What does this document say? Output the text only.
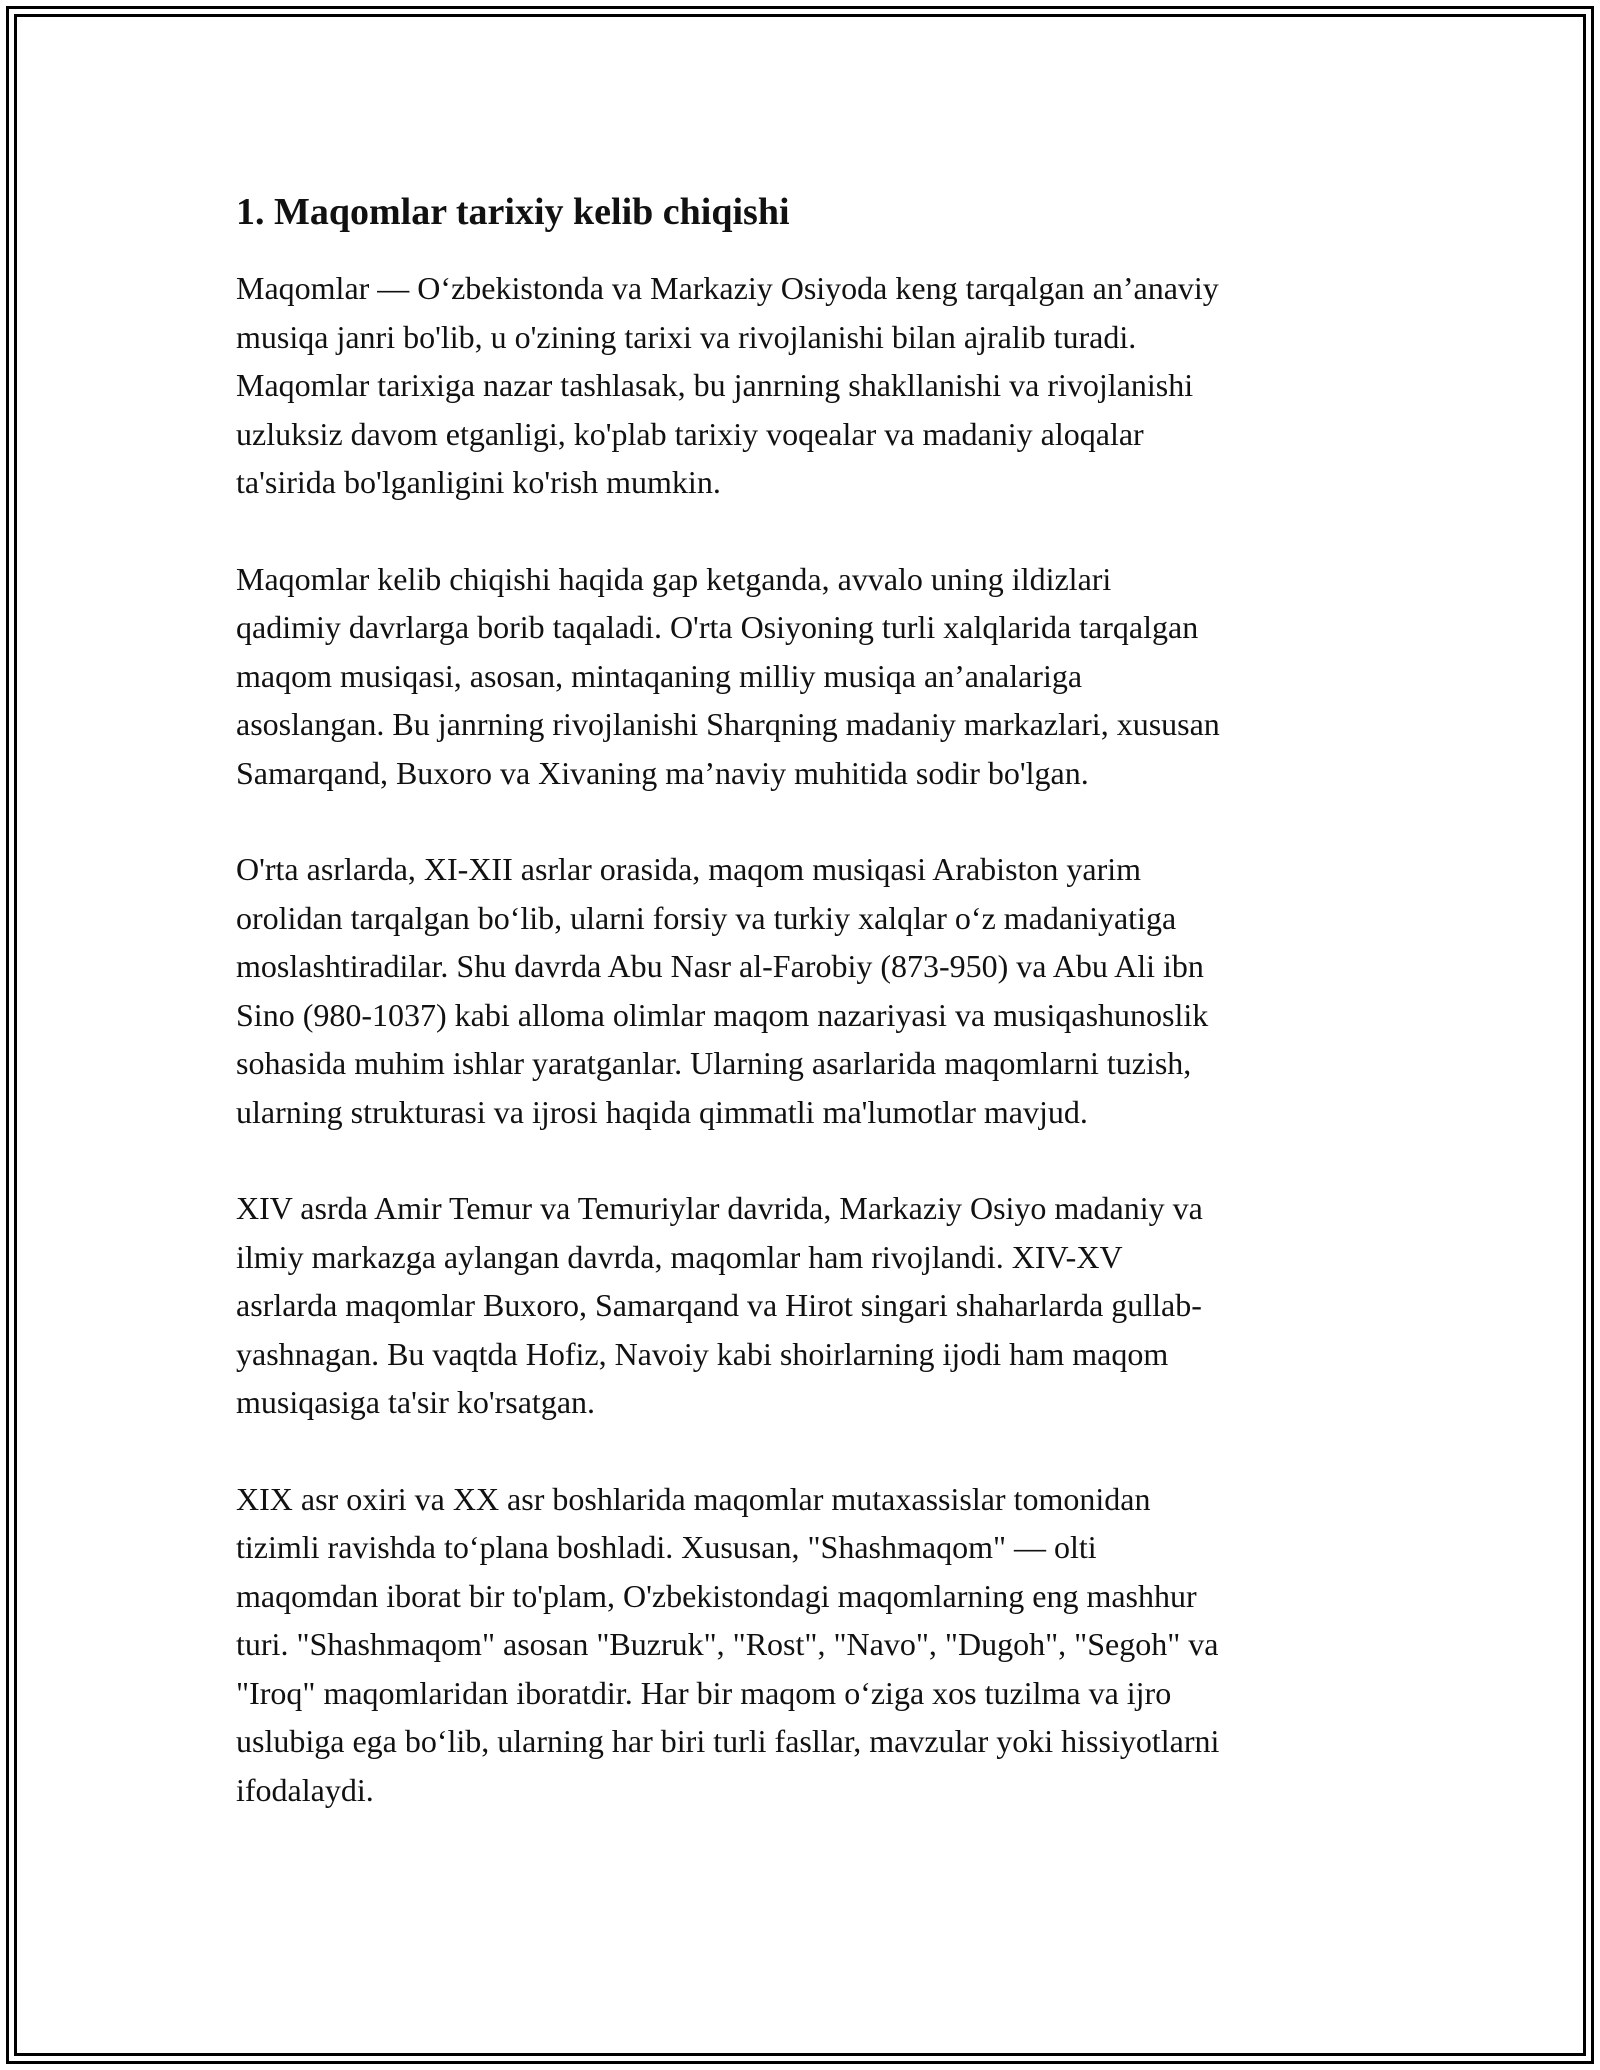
1. Maqomlar tarixiy kelib chiqishi
Maqomlar — O‘zbekistonda va Markaziy Osiyoda keng tarqalgan an’anaviy
musiqa janri bo'lib, u o'zining tarixi va rivojlanishi bilan ajralib turadi.
Maqomlar tarixiga nazar tashlasak, bu janrning shakllanishi va rivojlanishi
uzluksiz davom etganligi, ko'plab tarixiy voqealar va madaniy aloqalar
ta'sirida bo'lganligini ko'rish mumkin.
Maqomlar kelib chiqishi haqida gap ketganda, avvalo uning ildizlari
qadimiy davrlarga borib taqaladi. O'rta Osiyoning turli xalqlarida tarqalgan
maqom musiqasi, asosan, mintaqaning milliy musiqa an’analariga
asoslangan. Bu janrning rivojlanishi Sharqning madaniy markazlari, xususan
Samarqand, Buxoro va Xivaning ma’naviy muhitida sodir bo'lgan.
O'rta asrlarda, XI-XII asrlar orasida, maqom musiqasi Arabiston yarim
orolidan tarqalgan bo‘lib, ularni forsiy va turkiy xalqlar o‘z madaniyatiga
moslashtiradilar. Shu davrda Abu Nasr al-Farobiy (873-950) va Abu Ali ibn
Sino (980-1037) kabi alloma olimlar maqom nazariyasi va musiqashunoslik
sohasida muhim ishlar yaratganlar. Ularning asarlarida maqomlarni tuzish,
ularning strukturasi va ijrosi haqida qimmatli ma'lumotlar mavjud.
XIV asrda Amir Temur va Temuriylar davrida, Markaziy Osiyo madaniy va
ilmiy markazga aylangan davrda, maqomlar ham rivojlandi. XIV-XV
asrlarda maqomlar Buxoro, Samarqand va Hirot singari shaharlarda gullab-
yashnagan. Bu vaqtda Hofiz, Navoiy kabi shoirlarning ijodi ham maqom
musiqasiga ta'sir ko'rsatgan.
XIX asr oxiri va XX asr boshlarida maqomlar mutaxassislar tomonidan
tizimli ravishda to‘plana boshladi. Xususan, "Shashmaqom" — olti
maqomdan iborat bir to'plam, O'zbekistondagi maqomlarning eng mashhur
turi. "Shashmaqom" asosan "Buzruk", "Rost", "Navo", "Dugoh", "Segoh" va
"Iroq" maqomlaridan iboratdir. Har bir maqom o‘ziga xos tuzilma va ijro
uslubiga ega bo‘lib, ularning har biri turli fasllar, mavzular yoki hissiyotlarni
ifodalaydi.
